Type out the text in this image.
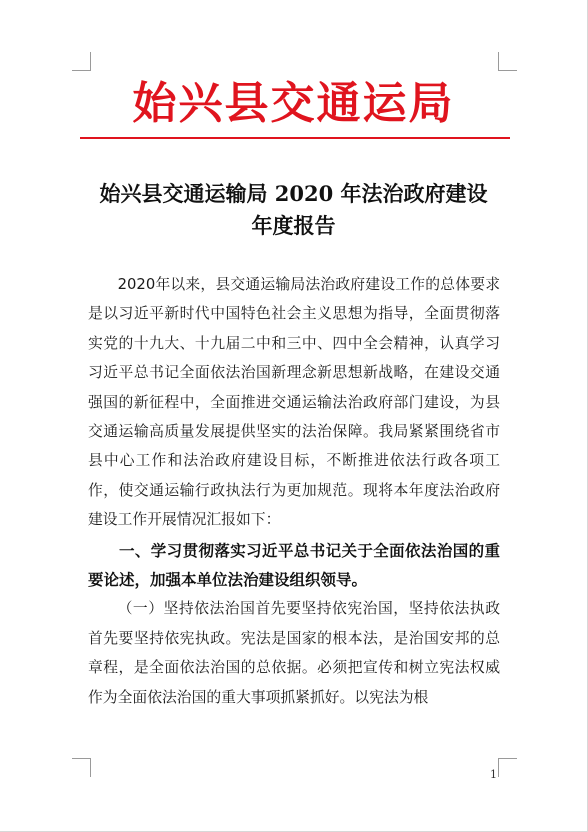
始兴县交通运局
始兴县交通运输局 2020 年法治政府建设
年度报告

2020年以来，县交通运输局法治政府建设工作的总体要求是以习近平新时代中国特色社会主义思想为指导，全面贯彻落实党的十九大、十九届二中和三中、四中全会精神，认真学习习近平总书记全面依法治国新理念新思想新战略，在建设交通强国的新征程中，全面推进交通运输法治政府部门建设，为县交通运输高质量发展提供坚实的法治保障。我局紧紧围绕省市县中心工作和法治政府建设目标，不断推进依法行政各项工作，使交通运输行政执法行为更加规范。现将本年度法治政府建设工作开展情况汇报如下：

一、学习贯彻落实习近平总书记关于全面依法治国的重要论述，加强本单位法治建设组织领导。

（一）坚持依法治国首先要坚持依宪治国，坚持依法执政首先要坚持依宪执政。宪法是国家的根本法，是治国安邦的总章程，是全面依法治国的总依据。必须把宣传和树立宪法权威作为全面依法治国的重大事项抓紧抓好。以宪法为根

1
